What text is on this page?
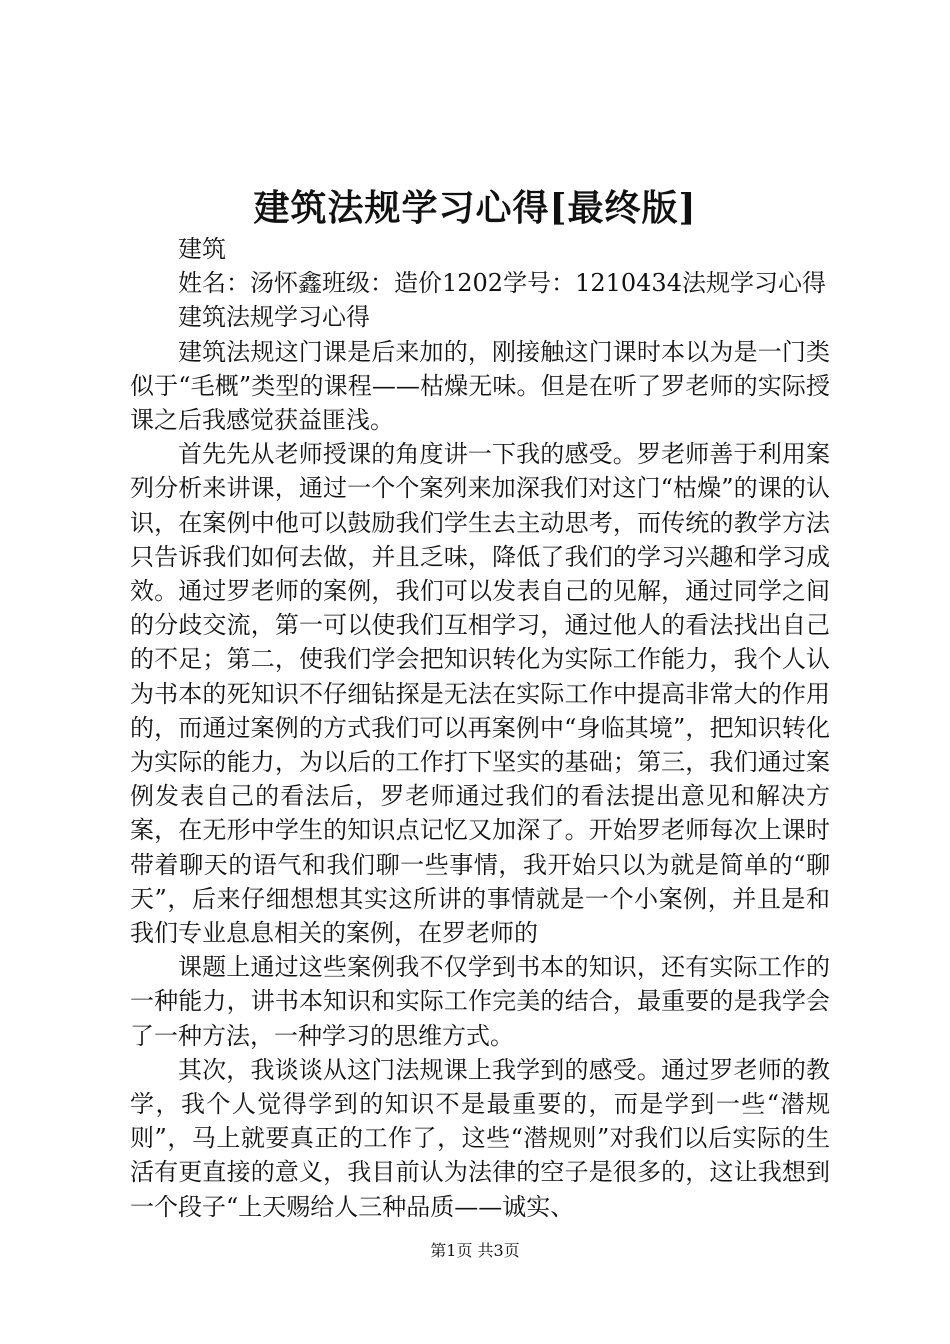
建筑法规学习心得[最终版]

建筑

姓名：汤怀鑫班级：造价1202学号：1210434法规学习心得

建筑法规学习心得

建筑法规这门课是后来加的，刚接触这门课时本以为是一门类似于“毛概”类型的课程——枯燥无味。但是在听了罗老师的实际授课之后我感觉获益匪浅。

首先先从老师授课的角度讲一下我的感受。罗老师善于利用案列分析来讲课，通过一个个案列来加深我们对这门“枯燥”的课的认识，在案例中他可以鼓励我们学生去主动思考，而传统的教学方法只告诉我们如何去做，并且乏味，降低了我们的学习兴趣和学习成效。通过罗老师的案例，我们可以发表自己的见解，通过同学之间的分歧交流，第一可以使我们互相学习，通过他人的看法找出自己的不足；第二，使我们学会把知识转化为实际工作能力，我个人认为书本的死知识不仔细钻探是无法在实际工作中提高非常大的作用的，而通过案例的方式我们可以再案例中“身临其境”，把知识转化为实际的能力，为以后的工作打下坚实的基础；第三，我们通过案例发表自己的看法后，罗老师通过我们的看法提出意见和解决方案，在无形中学生的知识点记忆又加深了。开始罗老师每次上课时带着聊天的语气和我们聊一些事情，我开始只以为就是简单的“聊天”，后来仔细想想其实这所讲的事情就是一个小案例，并且是和我们专业息息相关的案例，在罗老师的

课题上通过这些案例我不仅学到书本的知识，还有实际工作的一种能力，讲书本知识和实际工作完美的结合，最重要的是我学会了一种方法，一种学习的思维方式。

其次，我谈谈从这门法规课上我学到的感受。通过罗老师的教学，我个人觉得学到的知识不是最重要的，而是学到一些“潜规则”，马上就要真正的工作了，这些“潜规则”对我们以后实际的生活有更直接的意义，我目前认为法律的空子是很多的，这让我想到一个段子“上天赐给人三种品质——诚实、

第1页 共3页
